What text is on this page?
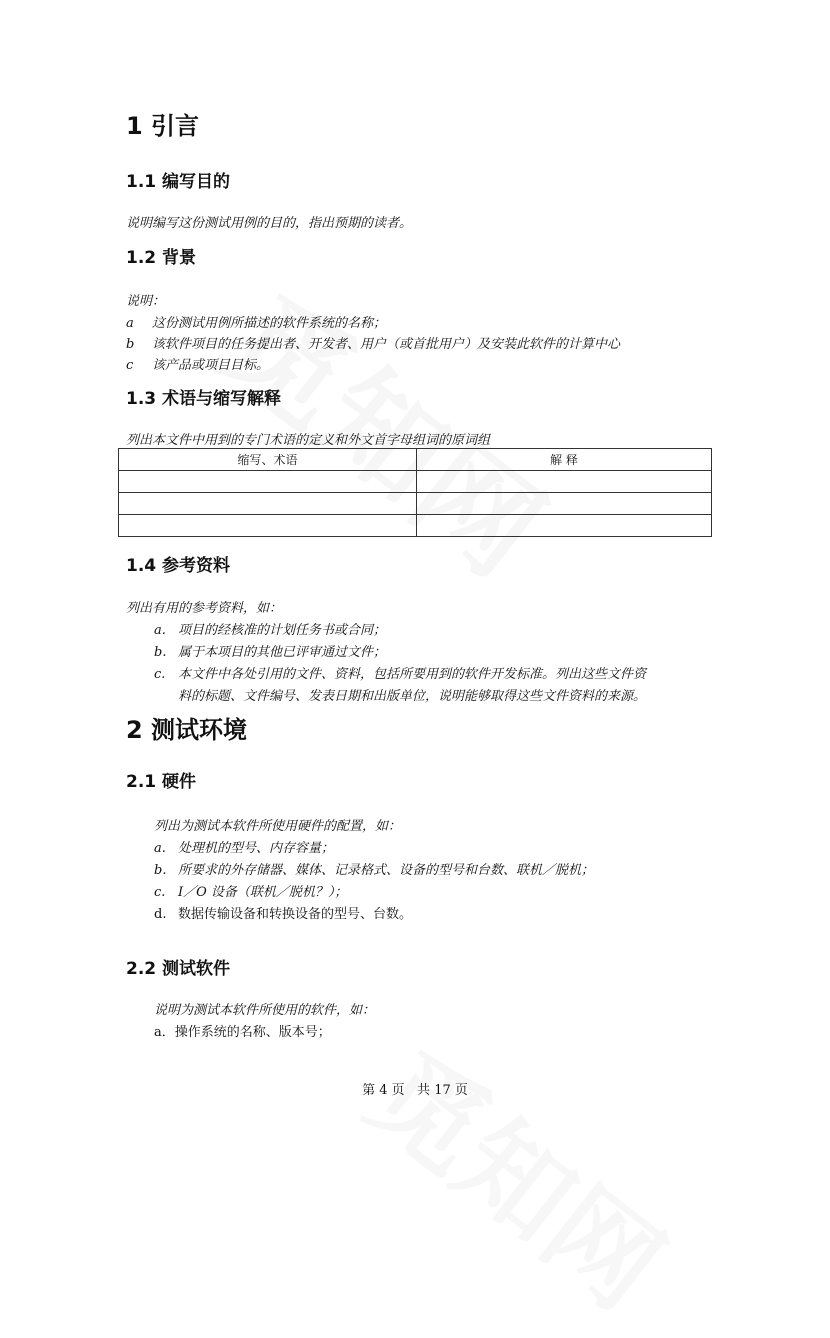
1 引言
1.1 编写目的
说明编写这份测试用例的目的，指出预期的读者。
1.2 背景
说明：
a 这份测试用例所描述的软件系统的名称；
b 该软件项目的任务提出者、开发者、用户（或首批用户）及安装此软件的计算中心
c 该产品或项目目标。
1.3 术语与缩写解释
列出本文件中用到的专门术语的定义和外文首字母组词的原词组
缩写、术语	解 释

1.4 参考资料
列出有用的参考资料，如：
a. 项目的经核准的计划任务书或合同；
b. 属于本项目的其他已评审通过文件；
c. 本文件中各处引用的文件、资料，包括所要用到的软件开发标准。列出这些文件资
料的标题、文件编号、发表日期和出版单位，说明能够取得这些文件资料的来源。
2 测试环境
2.1 硬件
列出为测试本软件所使用硬件的配置，如：
a. 处理机的型号、内存容量；
b. 所要求的外存储器、媒体、记录格式、设备的型号和台数、联机／脱机；
c. I／O 设备（联机／脱机？）；
d. 数据传输设备和转换设备的型号、台数。
2.2 测试软件
说明为测试本软件所使用的软件，如：
a．操作系统的名称、版本号；
第 4 页   共 17 页
